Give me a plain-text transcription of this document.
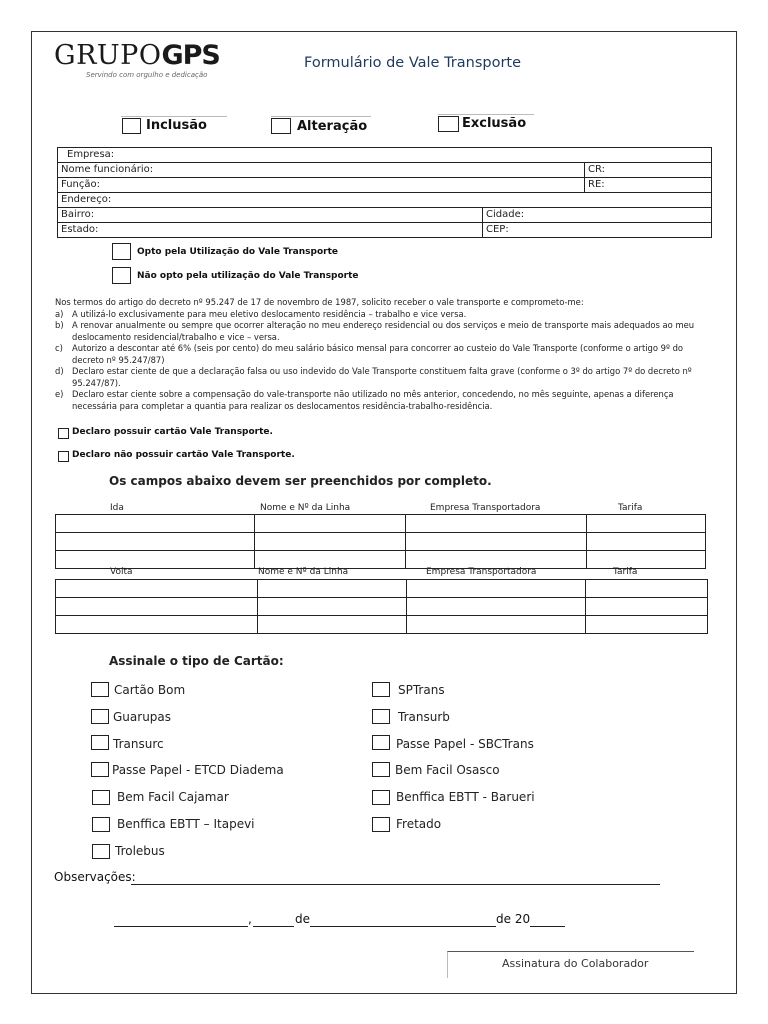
GRUPOGPS
Servindo com orgulho e dedicação
Formulário de Vale Transporte
Inclusão	Alteração	Exclusão
Empresa:		
Nome funcionário:		CR:
Função:		RE:
Endereço:		
Bairro:	Cidade:	
Estado:	CEP:	
Opto pela Utilização do Vale Transporte
Não opto pela utilização do Vale Transporte
Nos termos do artigo do decreto nº 95.247 de 17 de novembro de 1987, solicito receber o vale transporte e comprometo-me:
a) A utilizá-lo exclusivamente para meu eletivo deslocamento residência – trabalho e vice versa.
b) A renovar anualmente ou sempre que ocorrer alteração no meu endereço residencial ou dos serviços e meio de transporte mais adequados ao meu deslocamento residencial/trabalho e vice – versa.
c) Autorizo a descontar até 6% (seis por cento) do meu salário básico mensal para concorrer ao custeio do Vale Transporte (conforme o artigo 9º do decreto nº 95.247/87)
d) Declaro estar ciente de que a declaração falsa ou uso indevido do Vale Transporte constituem falta grave (conforme o 3º do artigo 7º do decreto nº 95.247/87).
e) Declaro estar ciente sobre a compensação do vale-transporte não utilizado no mês anterior, concedendo, no mês seguinte, apenas a diferença necessária para completar a quantia para realizar os deslocamentos residência-trabalho-residência.
Declaro possuir cartão Vale Transporte.
Declaro não possuir cartão Vale Transporte.
Os campos abaixo devem ser preenchidos por completo.
Ida	Nome e Nº da Linha	Empresa Transportadora	Tarifa

Volta	Nome e Nº da Linha	Empresa Transportadora	Tarifa

Assinale o tipo de Cartão:
Cartão Bom
Guarupas
Transurc
Passe Papel - ETCD Diadema
Bem Facil Cajamar
Benffica EBTT – Itapevi
Trolebus
SPTrans
Transurb
Passe Papel - SBCTrans
Bem Facil Osasco
Benffica EBTT - Barueri
Fretado
Observações:
,	de	de 20
Assinatura do Colaborador
